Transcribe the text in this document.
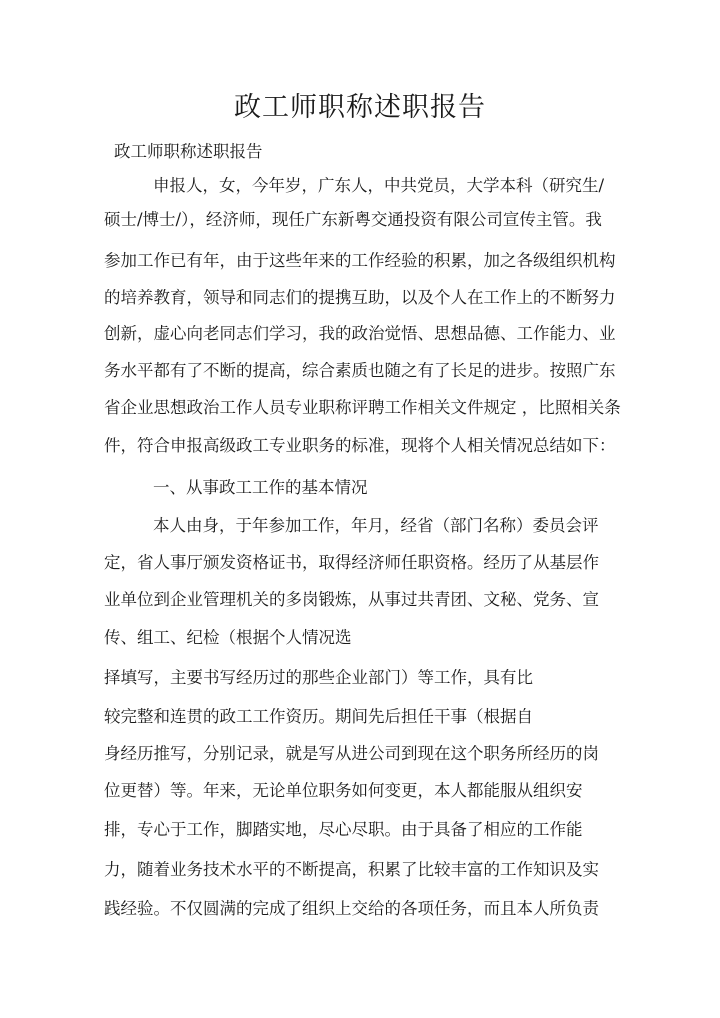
政工师职称述职报告
政工师职称述职报告
申报人，女，今年岁，广东人，中共党员，大学本科（研究生/
硕士/博士/），经济师，现任广东新粤交通投资有限公司宣传主管。我
参加工作已有年，由于这些年来的工作经验的积累，加之各级组织机构
的培养教育，领导和同志们的提携互助，以及个人在工作上的不断努力
创新，虚心向老同志们学习，我的政治觉悟、思想品德、工作能力、业
务水平都有了不断的提高，综合素质也随之有了长足的进步。按照广东
省企业思想政治工作人员专业职称评聘工作相关文件规定 ，比照相关条
件，符合申报高级政工专业职务的标准，现将个人相关情况总结如下：
一、从事政工工作的基本情况
本人由身，于年参加工作，年月，经省（部门名称）委员会评
定，省人事厅颁发资格证书，取得经济师任职资格。经历了从基层作
业单位到企业管理机关的多岗锻炼，从事过共青团、文秘、党务、宣
传、组工、纪检（根据个人情况选
择填写，主要书写经历过的那些企业部门）等工作，具有比
较完整和连贯的政工工作资历。期间先后担任干事（根据自
身经历推写，分别记录，就是写从进公司到现在这个职务所经历的岗
位更替）等。年来，无论单位职务如何变更，本人都能服从组织安
排，专心于工作，脚踏实地，尽心尽职。由于具备了相应的工作能
力，随着业务技术水平的不断提高，积累了比较丰富的工作知识及实
践经验。不仅圆满的完成了组织上交给的各项任务，而且本人所负责
